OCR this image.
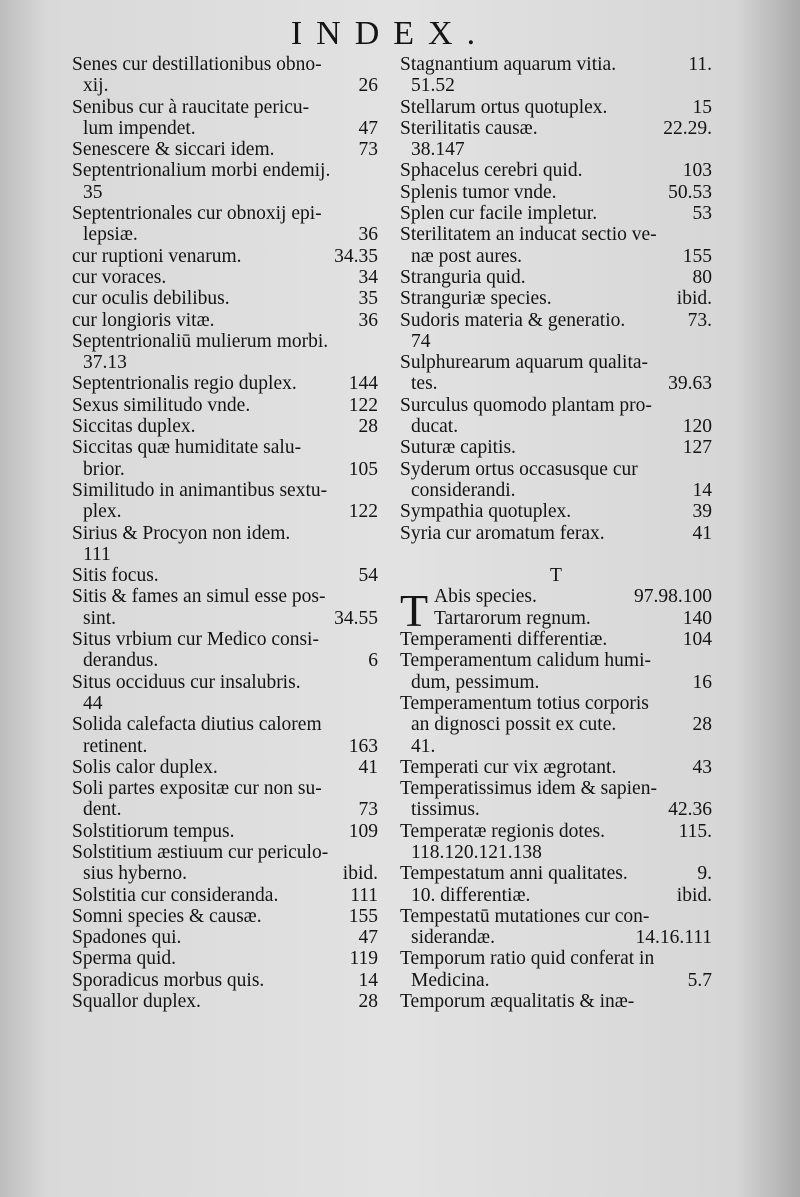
INDEX.
Senes cur destillationibus obno-
xij.	26
Senibus cur à raucitate pericu-
lum impendet.	47
Senescere & siccari idem.	73
Septentrionalium morbi endemij.
35
Septentrionales cur obnoxij epi-
lepsiæ.	36
cur ruptioni venarum.	34.35
cur voraces.	34
cur oculis debilibus.	35
cur longioris vitæ.	36
Septentrionaliū mulierum morbi.
37.13
Septentrionalis regio duplex.	144
Sexus similitudo vnde.	122
Siccitas duplex.	28
Siccitas quæ humiditate salu-
brior.	105
Similitudo in animantibus sextu-
plex.	122
Sirius & Procyon non idem.
111
Sitis focus.	54
Sitis & fames an simul esse pos-
sint.	34.55
Situs vrbium cur Medico consi-
derandus.	6
Situs occiduus cur insalubris.
44
Solida calefacta diutius calorem
retinent.	163
Solis calor duplex.	41
Soli partes expositæ cur non su-
dent.	73
Solstitiorum tempus.	109
Solstitium æstiuum cur periculo-
sius hyberno.	ibid.
Solstitia cur consideranda.	111
Somni species & causæ.	155
Spadones qui.	47
Sperma quid.	119
Sporadicus morbus quis.	14
Squallor duplex.	28
Stagnantium aquarum vitia.	11.
51.52
Stellarum ortus quotuplex.	15
Sterilitatis causæ.	22.29.
38.147
Sphacelus cerebri quid.	103
Splenis tumor vnde.	50.53
Splen cur facile impletur.	53
Sterilitatem an inducat sectio ve-
næ post aures.	155
Stranguria quid.	80
Stranguriæ species.	ibid.
Sudoris materia & generatio.	73.
74
Sulphurearum aquarum qualita-
tes.	39.63
Surculus quomodo plantam pro-
ducat.	120
Suturæ capitis.	127
Syderum ortus occasusque cur
considerandi.	14
Sympathia quotuplex.	39
Syria cur aromatum ferax.	41
T
T Abis species.	97.98.100
Tartarorum regnum.	140
Temperamenti differentiæ.	104
Temperamentum calidum humi-
dum, pessimum.	16
Temperamentum totius corporis
an dignosci possit ex cute.	28
41.
Temperati cur vix ægrotant.	43
Temperatissimus idem & sapien-
tissimus.	42.36
Temperatæ regionis dotes.	115.
118.120.121.138
Tempestatum anni qualitates.	9.
10. differentiæ.	ibid.
Tempestatū mutationes cur con-
siderandæ.	14.16.111
Temporum ratio quid conferat in
Medicina.	5.7
Temporum æqualitatis & inæ-
